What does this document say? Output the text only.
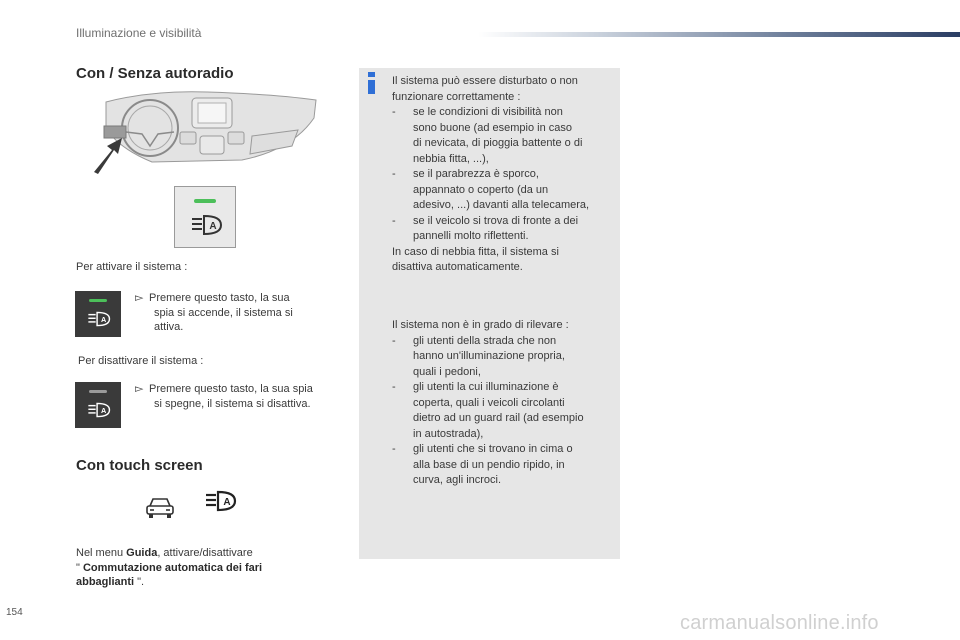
Illuminazione e visibilità
Con / Senza autoradio
A
Per attivare il sistema :
A
▻ Premere questo tasto, la sua
spia si accende, il sistema si
attiva.
Per disattivare il sistema :
A
▻ Premere questo tasto, la sua spia
si spegne, il sistema si disattiva.
Con touch screen
A
Nel menu Guida, attivare/disattivare
" Commutazione automatica dei fari
abbaglianti ".
Il sistema può essere disturbato o non
funzionare correttamente :
-	se le condizioni di visibilità non
sono buone (ad esempio in caso
di nevicata, di pioggia battente o di
nebbia fitta, ...),
-	se il parabrezza è sporco,
appannato o coperto (da un
adesivo, ...) davanti alla telecamera,
-	se il veicolo si trova di fronte a dei
pannelli molto riflettenti.
In caso di nebbia fitta, il sistema si
disattiva automaticamente.
Il sistema non è in grado di rilevare :
-	gli utenti della strada che non
hanno un'illuminazione propria,
quali i pedoni,
-	gli utenti la cui illuminazione è
coperta, quali i veicoli circolanti
dietro ad un guard rail (ad esempio
in autostrada),
-	gli utenti che si trovano in cima o
alla base di un pendio ripido, in
curva, agli incroci.
154	carmanualsonline.info
